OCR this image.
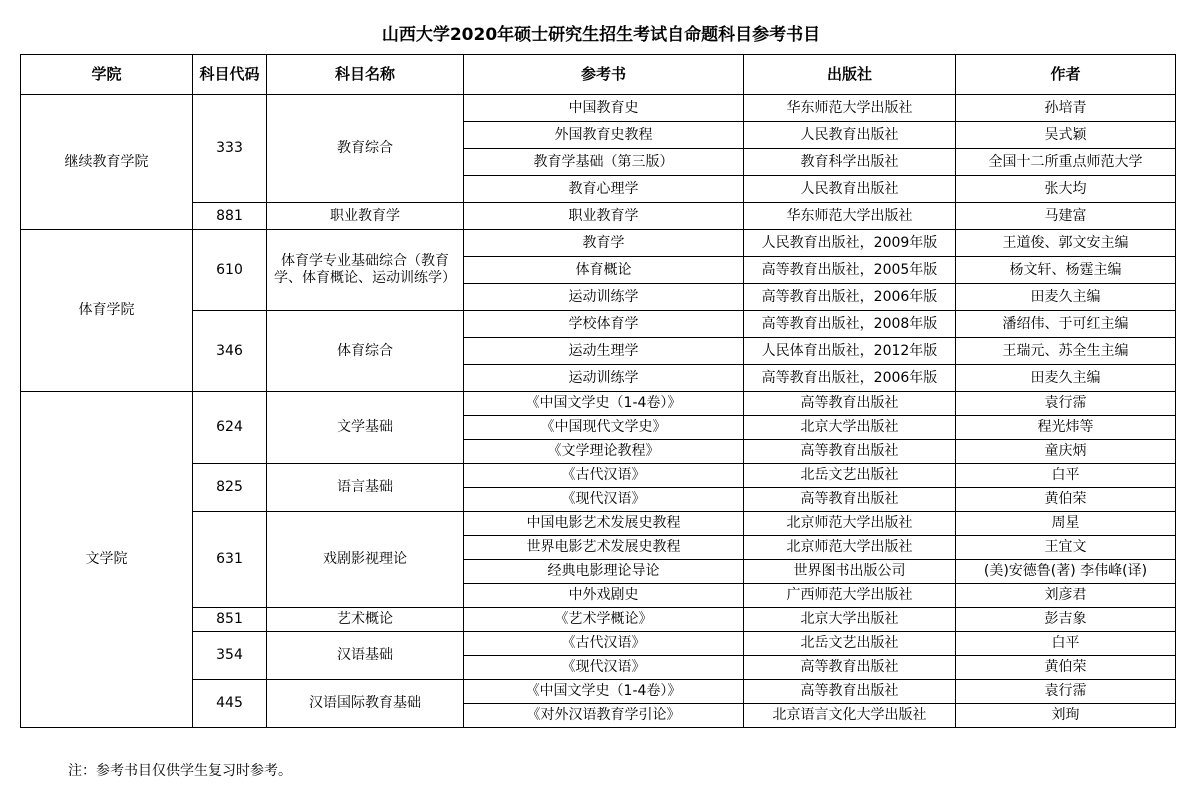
山西大学2020年硕士研究生招生考试自命题科目参考书目
学院	科目代码	科目名称	参考书	出版社	作者
继续教育学院	333	教育综合	中国教育史	华东师范大学出版社	孙培青
			外国教育史教程	人民教育出版社	吴式颖
			教育学基础（第三版）	教育科学出版社	全国十二所重点师范大学
			教育心理学	人民教育出版社	张大均
	881	职业教育学	职业教育学	华东师范大学出版社	马建富
体育学院	610	体育学专业基础综合（教育学、体育概论、运动训练学）	教育学	人民教育出版社，2009年版	王道俊、郭文安主编
			体育概论	高等教育出版社，2005年版	杨文轩、杨霆主编
			运动训练学	高等教育出版社，2006年版	田麦久主编
	346	体育综合	学校体育学	高等教育出版社，2008年版	潘绍伟、于可红主编
			运动生理学	人民体育出版社，2012年版	王瑞元、苏全生主编
			运动训练学	高等教育出版社，2006年版	田麦久主编
文学院	624	文学基础	《中国文学史（1-4卷）》	高等教育出版社	袁行霈
			《中国现代文学史》	北京大学出版社	程光炜等
			《文学理论教程》	高等教育出版社	童庆炳
	825	语言基础	《古代汉语》	北岳文艺出版社	白平
			《现代汉语》	高等教育出版社	黄伯荣
	631	戏剧影视理论	中国电影艺术发展史教程	北京师范大学出版社	周星
			世界电影艺术发展史教程	北京师范大学出版社	王宜文
			经典电影理论导论	世界图书出版公司	(美)安德鲁(著) 李伟峰(译)
			中外戏剧史	广西师范大学出版社	刘彦君
	851	艺术概论	《艺术学概论》	北京大学出版社	彭吉象
	354	汉语基础	《古代汉语》	北岳文艺出版社	白平
			《现代汉语》	高等教育出版社	黄伯荣
	445	汉语国际教育基础	《中国文学史（1-4卷）》	高等教育出版社	袁行霈
			《对外汉语教育学引论》	北京语言文化大学出版社	刘珣
注：参考书目仅供学生复习时参考。
